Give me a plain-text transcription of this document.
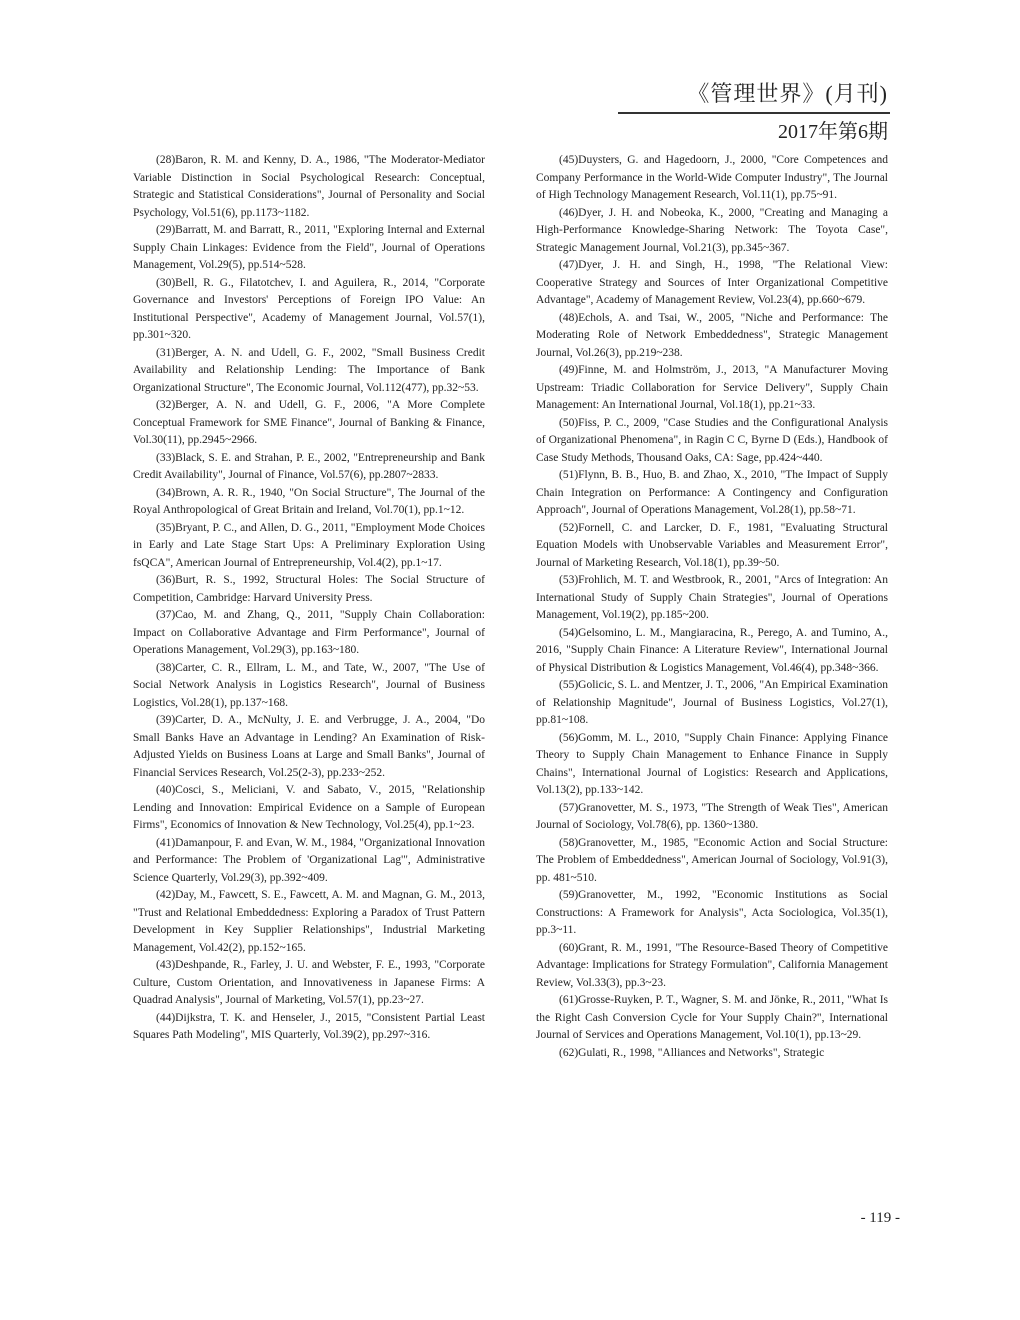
《管理世界》(月刊)
2017年第6期

(28)Baron, R. M. and Kenny, D. A., 1986, "The Moderator-Mediator Variable Distinction in Social Psychological Research: Conceptual, Strategic and Statistical Considerations", Journal of Personality and Social Psychology, Vol.51(6), pp.1173~1182.

(29)Barratt, M. and Barratt, R., 2011, "Exploring Internal and External Supply Chain Linkages: Evidence from the Field", Journal of Operations Management, Vol.29(5), pp.514~528.

(30)Bell, R. G., Filatotchev, I. and Aguilera, R., 2014, "Corporate Governance and Investors' Perceptions of Foreign IPO Value: An Institutional Perspective", Academy of Management Journal, Vol.57(1), pp.301~320.

(31)Berger, A. N. and Udell, G. F., 2002, "Small Business Credit Availability and Relationship Lending: The Importance of Bank Organizational Structure", The Economic Journal, Vol.112(477), pp.32~53.

(32)Berger, A. N. and Udell, G. F., 2006, "A More Complete Conceptual Framework for SME Finance", Journal of Banking & Finance, Vol.30(11), pp.2945~2966.

(33)Black, S. E. and Strahan, P. E., 2002, "Entrepreneurship and Bank Credit Availability", Journal of Finance, Vol.57(6), pp.2807~2833.

(34)Brown, A. R. R., 1940, "On Social Structure", The Journal of the Royal Anthropological of Great Britain and Ireland, Vol.70(1), pp.1~12.

(35)Bryant, P. C., and Allen, D. G., 2011, "Employment Mode Choices in Early and Late Stage Start Ups: A Preliminary Exploration Using fsQCA", American Journal of Entrepreneurship, Vol.4(2), pp.1~17.

(36)Burt, R. S., 1992, Structural Holes: The Social Structure of Competition, Cambridge: Harvard University Press.

(37)Cao, M. and Zhang, Q., 2011, "Supply Chain Collaboration: Impact on Collaborative Advantage and Firm Performance", Journal of Operations Management, Vol.29(3), pp.163~180.

(38)Carter, C. R., Ellram, L. M., and Tate, W., 2007, "The Use of Social Network Analysis in Logistics Research", Journal of Business Logistics, Vol.28(1), pp.137~168.

(39)Carter, D. A., McNulty, J. E. and Verbrugge, J. A., 2004, "Do Small Banks Have an Advantage in Lending? An Examination of Risk-Adjusted Yields on Business Loans at Large and Small Banks", Journal of Financial Services Research, Vol.25(2-3), pp.233~252.

(40)Cosci, S., Meliciani, V. and Sabato, V., 2015, "Relationship Lending and Innovation: Empirical Evidence on a Sample of European Firms", Economics of Innovation & New Technology, Vol.25(4), pp.1~23.

(41)Damanpour, F. and Evan, W. M., 1984, "Organizational Innovation and Performance: The Problem of 'Organizational Lag'", Administrative Science Quarterly, Vol.29(3), pp.392~409.

(42)Day, M., Fawcett, S. E., Fawcett, A. M. and Magnan, G. M., 2013, "Trust and Relational Embeddedness: Exploring a Paradox of Trust Pattern Development in Key Supplier Relationships", Industrial Marketing Management, Vol.42(2), pp.152~165.

(43)Deshpande, R., Farley, J. U. and Webster, F. E., 1993, "Corporate Culture, Custom Orientation, and Innovativeness in Japanese Firms: A Quadrad Analysis", Journal of Marketing, Vol.57(1), pp.23~27.

(44)Dijkstra, T. K. and Henseler, J., 2015, "Consistent Partial Least Squares Path Modeling", MIS Quarterly, Vol.39(2), pp.297~316.

(45)Duysters, G. and Hagedoorn, J., 2000, "Core Competences and Company Performance in the World-Wide Computer Industry", The Journal of High Technology Management Research, Vol.11(1), pp.75~91.

(46)Dyer, J. H. and Nobeoka, K., 2000, "Creating and Managing a High-Performance Knowledge-Sharing Network: The Toyota Case", Strategic Management Journal, Vol.21(3), pp.345~367.

(47)Dyer, J. H. and Singh, H., 1998, "The Relational View: Cooperative Strategy and Sources of Inter Organizational Competitive Advantage", Academy of Management Review, Vol.23(4), pp.660~679.

(48)Echols, A. and Tsai, W., 2005, "Niche and Performance: The Moderating Role of Network Embeddedness", Strategic Management Journal, Vol.26(3), pp.219~238.

(49)Finne, M. and Holmström, J., 2013, "A Manufacturer Moving Upstream: Triadic Collaboration for Service Delivery", Supply Chain Management: An International Journal, Vol.18(1), pp.21~33.

(50)Fiss, P. C., 2009, "Case Studies and the Configurational Analysis of Organizational Phenomena", in Ragin C C, Byrne D (Eds.), Handbook of Case Study Methods, Thousand Oaks, CA: Sage, pp.424~440.

(51)Flynn, B. B., Huo, B. and Zhao, X., 2010, "The Impact of Supply Chain Integration on Performance: A Contingency and Configuration Approach", Journal of Operations Management, Vol.28(1), pp.58~71.

(52)Fornell, C. and Larcker, D. F., 1981, "Evaluating Structural Equation Models with Unobservable Variables and Measurement Error", Journal of Marketing Research, Vol.18(1), pp.39~50.

(53)Frohlich, M. T. and Westbrook, R., 2001, "Arcs of Integration: An International Study of Supply Chain Strategies", Journal of Operations Management, Vol.19(2), pp.185~200.

(54)Gelsomino, L. M., Mangiaracina, R., Perego, A. and Tumino, A., 2016, "Supply Chain Finance: A Literature Review", International Journal of Physical Distribution & Logistics Management, Vol.46(4), pp.348~366.

(55)Golicic, S. L. and Mentzer, J. T., 2006, "An Empirical Examination of Relationship Magnitude", Journal of Business Logistics, Vol.27(1), pp.81~108.

(56)Gomm, M. L., 2010, "Supply Chain Finance: Applying Finance Theory to Supply Chain Management to Enhance Finance in Supply Chains", International Journal of Logistics: Research and Applications, Vol.13(2), pp.133~142.

(57)Granovetter, M. S., 1973, "The Strength of Weak Ties", American Journal of Sociology, Vol.78(6), pp. 1360~1380.

(58)Granovetter, M., 1985, "Economic Action and Social Structure: The Problem of Embeddedness", American Journal of Sociology, Vol.91(3), pp. 481~510.

(59)Granovetter, M., 1992, "Economic Institutions as Social Constructions: A Framework for Analysis", Acta Sociologica, Vol.35(1), pp.3~11.

(60)Grant, R. M., 1991, "The Resource-Based Theory of Competitive Advantage: Implications for Strategy Formulation", California Management Review, Vol.33(3), pp.3~23.

(61)Grosse-Ruyken, P. T., Wagner, S. M. and Jönke, R., 2011, "What Is the Right Cash Conversion Cycle for Your Supply Chain?", International Journal of Services and Operations Management, Vol.10(1), pp.13~29.

(62)Gulati, R., 1998, "Alliances and Networks", Strategic

- 119 -
